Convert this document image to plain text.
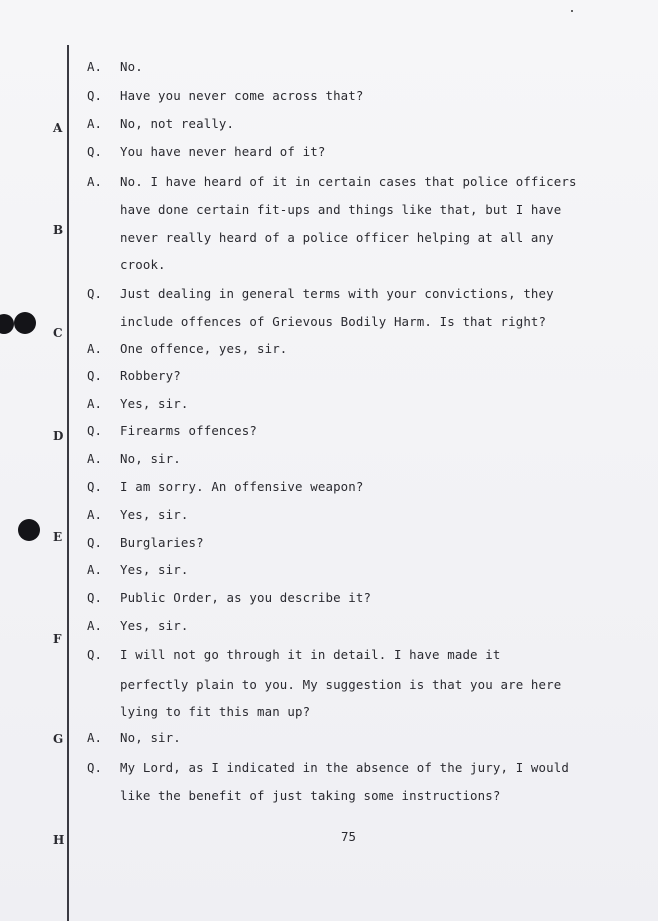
A
B
C
D
E
F
G
H
A. No.
Q. Have you never come across that?
A. No, not really.
Q. You have never heard of it?
A. No. I have heard of it in certain cases that police officers
have done certain fit-ups and things like that, but I have
never really heard of a police officer helping at all any
crook.
Q. Just dealing in general terms with your convictions, they
include offences of Grievous Bodily Harm. Is that right?
A. One offence, yes, sir.
Q. Robbery?
A. Yes, sir.
Q. Firearms offences?
A. No, sir.
Q. I am sorry. An offensive weapon?
A. Yes, sir.
Q. Burglaries?
A. Yes, sir.
Q. Public Order, as you describe it?
A. Yes, sir.
Q. I will not go through it in detail. I have made it
perfectly plain to you. My suggestion is that you are here
lying to fit this man up?
A. No, sir.
Q. My Lord, as I indicated in the absence of the jury, I would
like the benefit of just taking some instructions?
75
